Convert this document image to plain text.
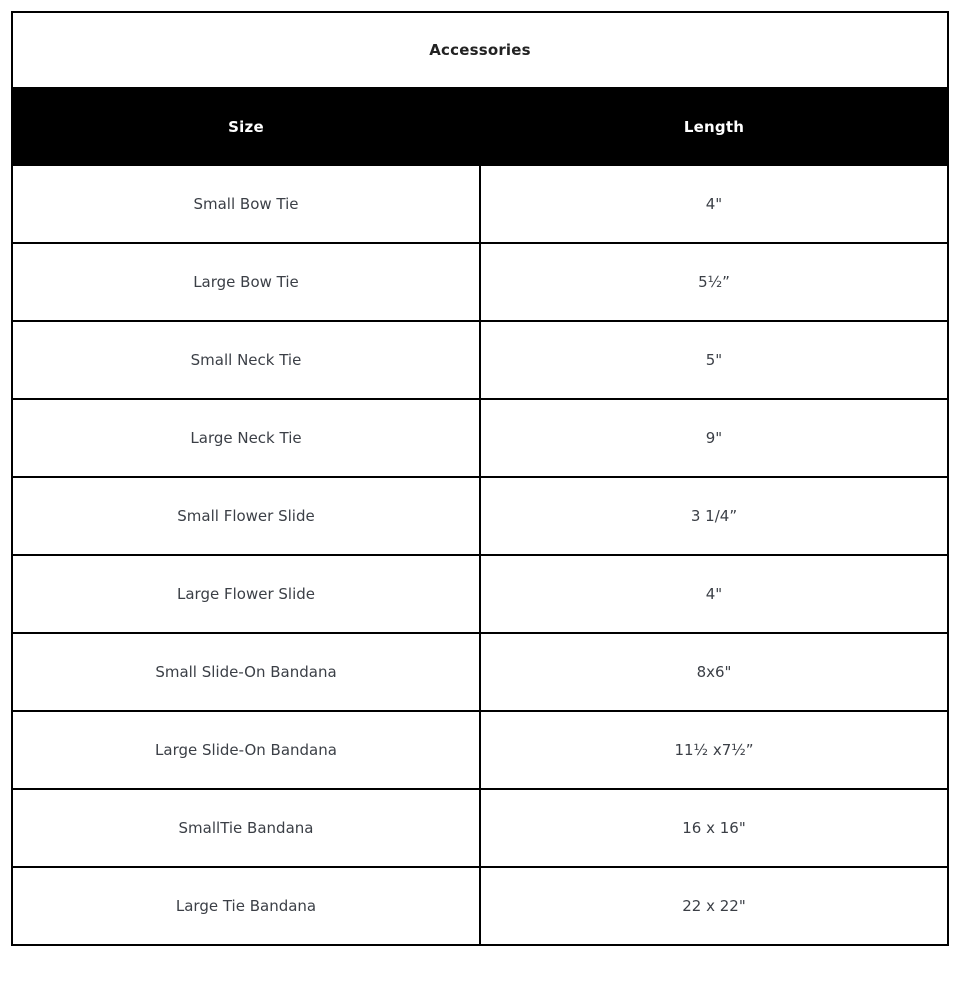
Accessories	
Size	Length
Small Bow Tie	4"
Large Bow Tie	5½”
Small Neck Tie	5"
Large Neck Tie	9"
Small Flower Slide	3 1/4”
Large Flower Slide	4"
Small Slide-On Bandana	8x6"
Large Slide-On Bandana	11½ x7½”
SmallTie Bandana	16 x 16"
Large Tie Bandana	22 x 22"
